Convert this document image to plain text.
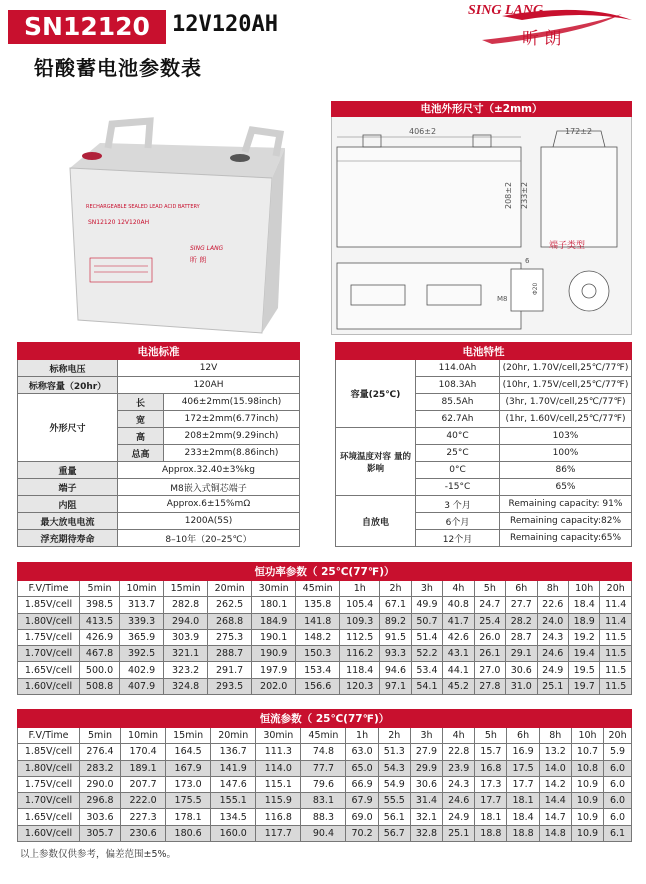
SN12120	12V120AH
铅酸蓄电池参数表
SING LANG
昕 朗
RECHARGEABLE SEALED LEAD ACID BATTERY
SN12120 12V120AH
SING LANG
昕 朗
电池外形尺寸（±2mm）
406±2	172±2
208±2 233±2
端子类型
6
M8
Φ20
电池标准		
标称电压	12V	
标称容量（20hr）	120AH	
外形尺寸	长	406±2mm(15.98inch)
	宽	172±2mm(6.77inch)
	高	208±2mm(9.29inch)
	总高	233±2mm(8.86inch)
重量	Approx.32.40±3%kg	
端子	M8嵌入式铜芯端子	
内阻	Approx.6±15%mΩ	
最大放电电流	1200A(5S)	
浮充期待寿命	8–10年（20–25℃）	
电池特性		
容量(25℃)	114.0Ah	(20hr, 1.70V/cell,25℃/77℉)
	108.3Ah	(10hr, 1.75V/cell,25℃/77℉)
	85.5Ah	(3hr, 1.70V/cell,25℃/77℉)
	62.7Ah	(1hr, 1.60V/cell,25℃/77℉)
环境温度对容 量的影响	40°C	103%
	25°C	100%
	0°C	86%
	-15°C	65%
自放电	3 个月	Remaining capacity: 91%
	6个月	Remaining capacity:82%
	12个月	Remaining capacity:65%
恒功率参数（ 25℃(77℉)）															
F.V/Time	5min	10min	15min	20min	30min	45min	1h	2h	3h	4h	5h	6h	8h	10h	20h
1.85V/cell	398.5	313.7	282.8	262.5	180.1	135.8	105.4	67.1	49.9	40.8	24.7	27.7	22.6	18.4	11.4
1.80V/cell	413.5	339.3	294.0	268.8	184.9	141.8	109.3	89.2	50.7	41.7	25.4	28.2	24.0	18.9	11.4
1.75V/cell	426.9	365.9	303.9	275.3	190.1	148.2	112.5	91.5	51.4	42.6	26.0	28.7	24.3	19.2	11.5
1.70V/cell	467.8	392.5	321.1	288.7	190.9	150.3	116.2	93.3	52.2	43.1	26.1	29.1	24.6	19.4	11.5
1.65V/cell	500.0	402.9	323.2	291.7	197.9	153.4	118.4	94.6	53.4	44.1	27.0	30.6	24.9	19.5	11.5
1.60V/cell	508.8	407.9	324.8	293.5	202.0	156.6	120.3	97.1	54.1	45.2	27.8	31.0	25.1	19.7	11.5
恒流参数（ 25℃(77℉)）															
F.V/Time	5min	10min	15min	20min	30min	45min	1h	2h	3h	4h	5h	6h	8h	10h	20h
1.85V/cell	276.4	170.4	164.5	136.7	111.3	74.8	63.0	51.3	27.9	22.8	15.7	16.9	13.2	10.7	5.9
1.80V/cell	283.2	189.1	167.9	141.9	114.0	77.7	65.0	54.3	29.9	23.9	16.8	17.5	14.0	10.8	6.0
1.75V/cell	290.0	207.7	173.0	147.6	115.1	79.6	66.9	54.9	30.6	24.3	17.3	17.7	14.2	10.9	6.0
1.70V/cell	296.8	222.0	175.5	155.1	115.9	83.1	67.9	55.5	31.4	24.6	17.7	18.1	14.4	10.9	6.0
1.65V/cell	303.6	227.3	178.1	134.5	116.8	88.3	69.0	56.1	32.1	24.9	18.1	18.4	14.7	10.9	6.0
1.60V/cell	305.7	230.6	180.6	160.0	117.7	90.4	70.2	56.7	32.8	25.1	18.8	18.8	14.8	10.9	6.1
以上参数仅供参考，偏差范围±5%。
